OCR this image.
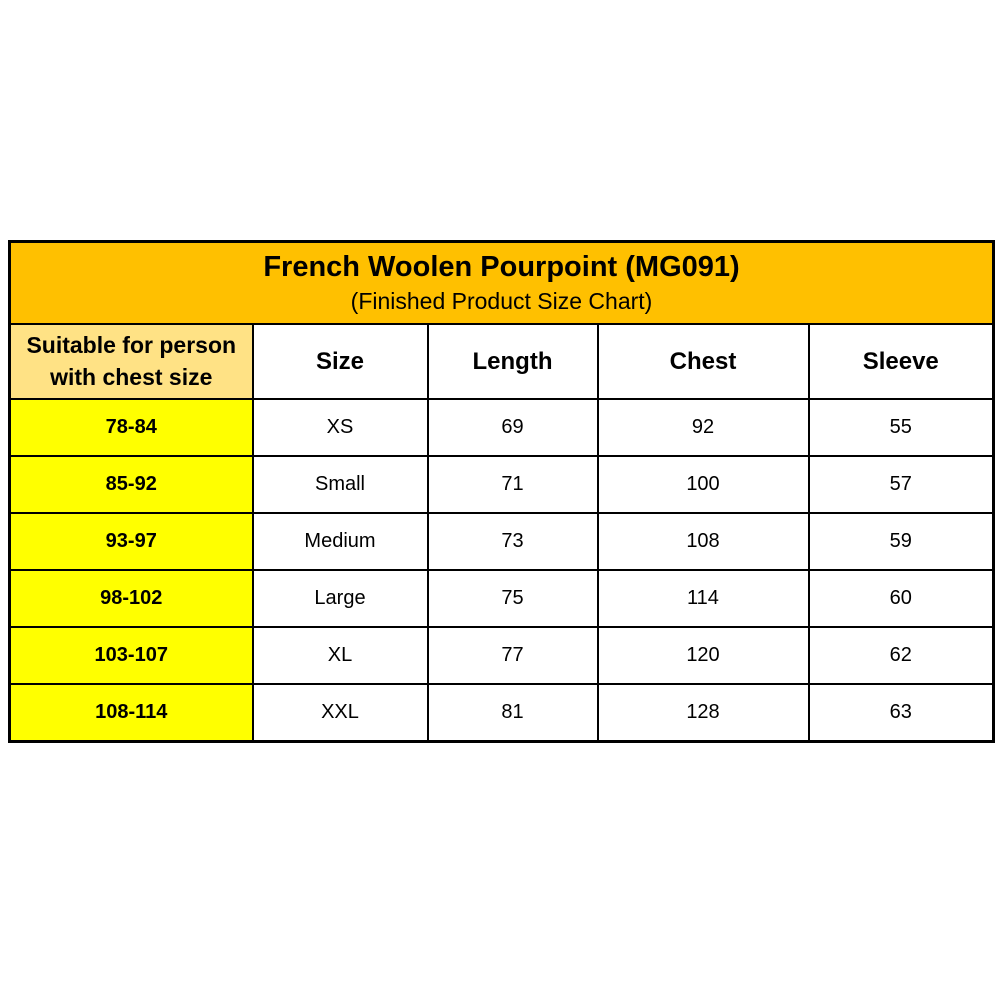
French Woolen Pourpoint (MG091)
(Finished Product Size Chart)				

Suitable for person with chest size	Size	Length	Chest	Sleeve
78-84	XS	69	92	55
85-92	Small	71	100	57
93-97	Medium	73	108	59
98-102	Large	75	114	60
103-107	XL	77	120	62
108-114	XXL	81	128	63
